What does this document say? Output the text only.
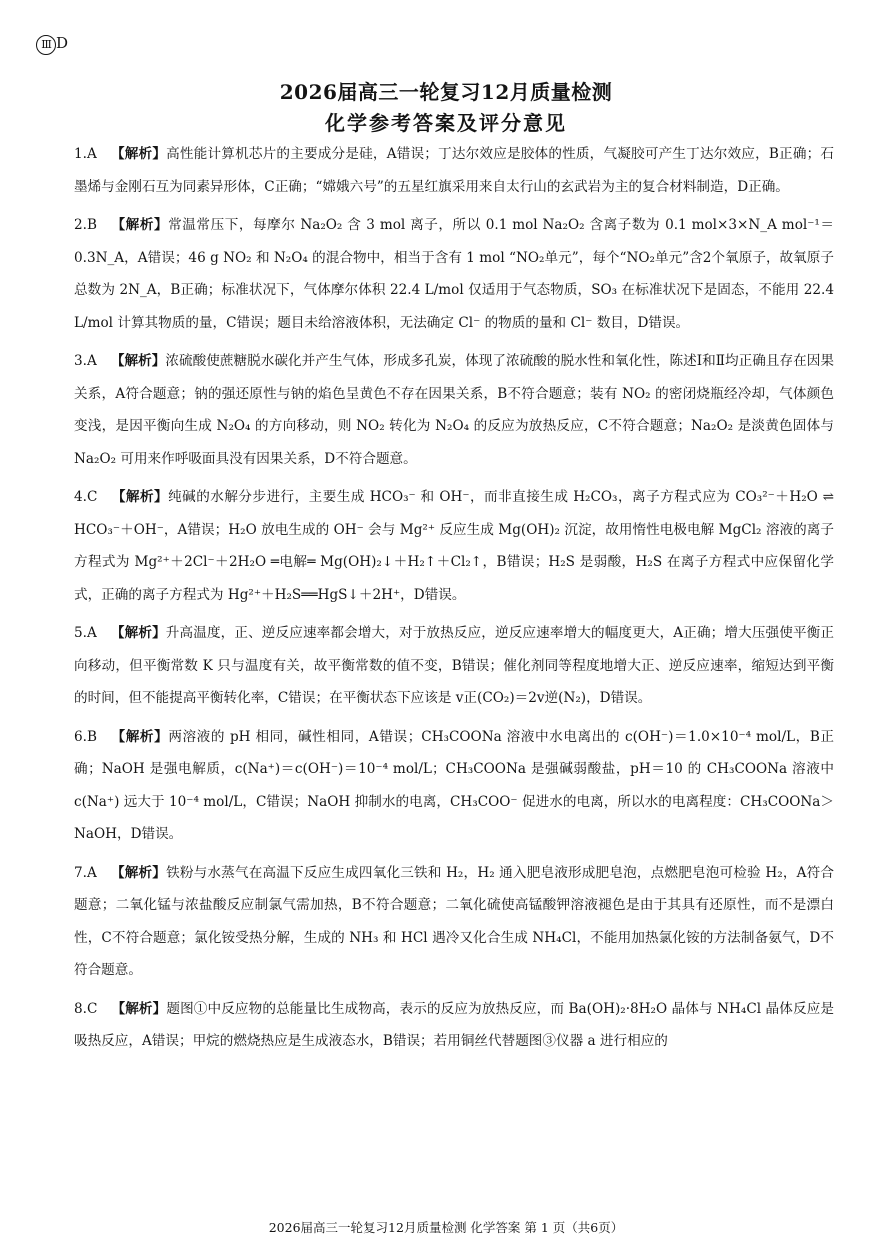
Ⅲ D
2026届高三一轮复习12月质量检测
化学参考答案及评分意见

1.A 【解析】高性能计算机芯片的主要成分是硅，A错误；丁达尔效应是胶体的性质，气凝胶可产生丁达尔效应，B正确；石墨烯与金刚石互为同素异形体，C正确；“嫦娥六号”的五星红旗采用来自太行山的玄武岩为主的复合材料制造，D正确。

2.B 【解析】常温常压下，每摩尔 Na₂O₂ 含 3 mol 离子，所以 0.1 mol Na₂O₂ 含离子数为 0.1 mol×3×N_A mol⁻¹＝0.3N_A，A错误；46 g NO₂ 和 N₂O₄ 的混合物中，相当于含有 1 mol “NO₂单元”，每个“NO₂单元”含2个氧原子，故氧原子总数为 2N_A，B正确；标准状况下，气体摩尔体积 22.4 L/mol 仅适用于气态物质，SO₃ 在标准状况下是固态，不能用 22.4 L/mol 计算其物质的量，C错误；题目未给溶液体积，无法确定 Cl⁻ 的物质的量和 Cl⁻ 数目，D错误。

3.A 【解析】浓硫酸使蔗糖脱水碳化并产生气体，形成多孔炭，体现了浓硫酸的脱水性和氧化性，陈述Ⅰ和Ⅱ均正确且存在因果关系，A符合题意；钠的强还原性与钠的焰色呈黄色不存在因果关系，B不符合题意；装有 NO₂ 的密闭烧瓶经冷却，气体颜色变浅，是因平衡向生成 N₂O₄ 的方向移动，则 NO₂ 转化为 N₂O₄ 的反应为放热反应，C不符合题意；Na₂O₂ 是淡黄色固体与 Na₂O₂ 可用来作呼吸面具没有因果关系，D不符合题意。

4.C 【解析】纯碱的水解分步进行，主要生成 HCO₃⁻ 和 OH⁻，而非直接生成 H₂CO₃，离子方程式应为 CO₃²⁻＋H₂O ⇌ HCO₃⁻＋OH⁻，A错误；H₂O 放电生成的 OH⁻ 会与 Mg²⁺ 反应生成 Mg(OH)₂ 沉淀，故用惰性电极电解 MgCl₂ 溶液的离子方程式为 Mg²⁺＋2Cl⁻＋2H₂O ═电解═ Mg(OH)₂↓＋H₂↑＋Cl₂↑，B错误；H₂S 是弱酸，H₂S 在离子方程式中应保留化学式，正确的离子方程式为 Hg²⁺＋H₂S══HgS↓＋2H⁺，D错误。

5.A 【解析】升高温度，正、逆反应速率都会增大，对于放热反应，逆反应速率增大的幅度更大，A正确；增大压强使平衡正向移动，但平衡常数 K 只与温度有关，故平衡常数的值不变，B错误；催化剂同等程度地增大正、逆反应速率，缩短达到平衡的时间，但不能提高平衡转化率，C错误；在平衡状态下应该是 v正(CO₂)＝2v逆(N₂)，D错误。

6.B 【解析】两溶液的 pH 相同，碱性相同，A错误；CH₃COONa 溶液中水电离出的 c(OH⁻)＝1.0×10⁻⁴ mol/L，B正确；NaOH 是强电解质，c(Na⁺)＝c(OH⁻)＝10⁻⁴ mol/L；CH₃COONa 是强碱弱酸盐，pH＝10 的 CH₃COONa 溶液中 c(Na⁺) 远大于 10⁻⁴ mol/L，C错误；NaOH 抑制水的电离，CH₃COO⁻ 促进水的电离，所以水的电离程度：CH₃COONa＞NaOH，D错误。

7.A 【解析】铁粉与水蒸气在高温下反应生成四氧化三铁和 H₂，H₂ 通入肥皂液形成肥皂泡，点燃肥皂泡可检验 H₂，A符合题意；二氧化锰与浓盐酸反应制氯气需加热，B不符合题意；二氧化硫使高锰酸钾溶液褪色是由于其具有还原性，而不是漂白性，C不符合题意；氯化铵受热分解，生成的 NH₃ 和 HCl 遇冷又化合生成 NH₄Cl，不能用加热氯化铵的方法制备氨气，D不符合题意。

8.C 【解析】题图①中反应物的总能量比生成物高，表示的反应为放热反应，而 Ba(OH)₂·8H₂O 晶体与 NH₄Cl 晶体反应是吸热反应，A错误；甲烷的燃烧热应是生成液态水，B错误；若用铜丝代替题图③仪器 a 进行相应的

2026届高三一轮复习12月质量检测 化学答案 第 1 页（共6页）
